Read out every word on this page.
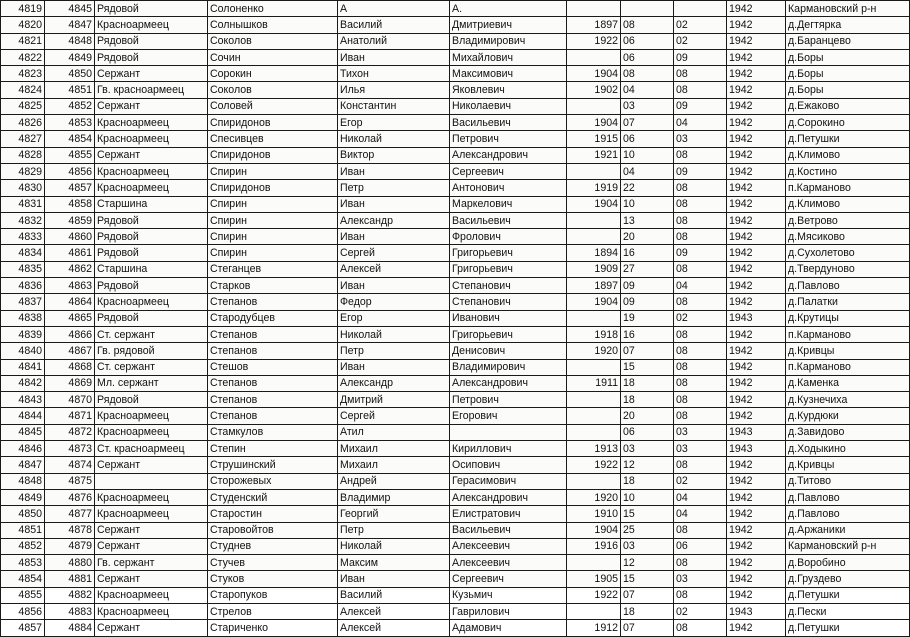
4819	4845	Рядовой	Солоненко	А	А.				1942	Кармановский р-н
4820	4847	Красноармеец	Солнышков	Василий	Дмитриевич	1897	08	02	1942	д.Дегтярка
4821	4848	Рядовой	Соколов	Анатолий	Владимирович	1922	06	02	1942	д.Баранцево
4822	4849	Рядовой	Сочин	Иван	Михайлович		06	09	1942	д.Боры
4823	4850	Сержант	Сорокин	Тихон	Максимович	1904	08	08	1942	д.Боры
4824	4851	Гв. красноармеец	Соколов	Илья	Яковлевич	1902	04	08	1942	д.Боры
4825	4852	Сержант	Соловей	Константин	Николаевич		03	09	1942	д.Ежаково
4826	4853	Красноармеец	Спиридонов	Егор	Васильевич	1904	07	04	1942	д.Сорокино
4827	4854	Красноармеец	Спесивцев	Николай	Петрович	1915	06	03	1942	д.Петушки
4828	4855	Сержант	Спиридонов	Виктор	Александрович	1921	10	08	1942	д.Климово
4829	4856	Красноармеец	Спирин	Иван	Сергеевич		04	09	1942	д.Костино
4830	4857	Красноармеец	Спиридонов	Петр	Антонович	1919	22	08	1942	п.Карманово
4831	4858	Старшина	Спирин	Иван	Маркелович	1904	10	08	1942	д.Климово
4832	4859	Рядовой	Спирин	Александр	Васильевич		13	08	1942	д.Ветрово
4833	4860	Рядовой	Спирин	Иван	Фролович		20	08	1942	д.Мясиково
4834	4861	Рядовой	Спирин	Сергей	Григорьевич	1894	16	09	1942	д.Сухолетово
4835	4862	Старшина	Стеганцев	Алексей	Григорьевич	1909	27	08	1942	д.Твердуново
4836	4863	Рядовой	Старков	Иван	Степанович	1897	09	04	1942	д.Павлово
4837	4864	Красноармеец	Степанов	Федор	Степанович	1904	09	08	1942	д.Палатки
4838	4865	Рядовой	Стародубцев	Егор	Иванович		19	02	1943	д.Крутицы
4839	4866	Ст. сержант	Степанов	Николай	Григорьевич	1918	16	08	1942	п.Карманово
4840	4867	Гв. рядовой	Степанов	Петр	Денисович	1920	07	08	1942	д.Кривцы
4841	4868	Ст. сержант	Стешов	Иван	Владимирович		15	08	1942	п.Карманово
4842	4869	Мл. сержант	Степанов	Александр	Александрович	1911	18	08	1942	д.Каменка
4843	4870	Рядовой	Степанов	Дмитрий	Петрович		18	08	1942	д.Кузнечиха
4844	4871	Красноармеец	Степанов	Сергей	Егорович		20	08	1942	д.Курдюки
4845	4872	Красноармеец	Стамкулов	Атил			06	03	1943	д.Завидово
4846	4873	Ст. красноармеец	Степин	Михаил	Кириллович	1913	03	03	1943	д.Ходыкино
4847	4874	Сержант	Струшинский	Михаил	Осипович	1922	12	08	1942	д.Кривцы
4848	4875		Сторожевых	Андрей	Герасимович		18	02	1942	д.Титово
4849	4876	Красноармеец	Студенский	Владимир	Александрович	1920	10	04	1942	д.Павлово
4850	4877	Красноармеец	Старостин	Георгий	Елистратович	1910	15	04	1942	д.Павлово
4851	4878	Сержант	Старовойтов	Петр	Васильевич	1904	25	08	1942	д.Аржаники
4852	4879	Сержант	Студнев	Николай	Алексеевич	1916	03	06	1942	Кармановский р-н
4853	4880	Гв. сержант	Стучев	Максим	Алексеевич		12	08	1942	д.Воробино
4854	4881	Сержант	Стуков	Иван	Сергеевич	1905	15	03	1942	д.Груздево
4855	4882	Красноармеец	Старопуков	Василий	Кузьмич	1922	07	08	1942	д.Петушки
4856	4883	Красноармеец	Стрелов	Алексей	Гаврилович		18	02	1943	д.Пески
4857	4884	Сержант	Стариченко	Алексей	Адамович	1912	07	08	1942	д.Петушки
